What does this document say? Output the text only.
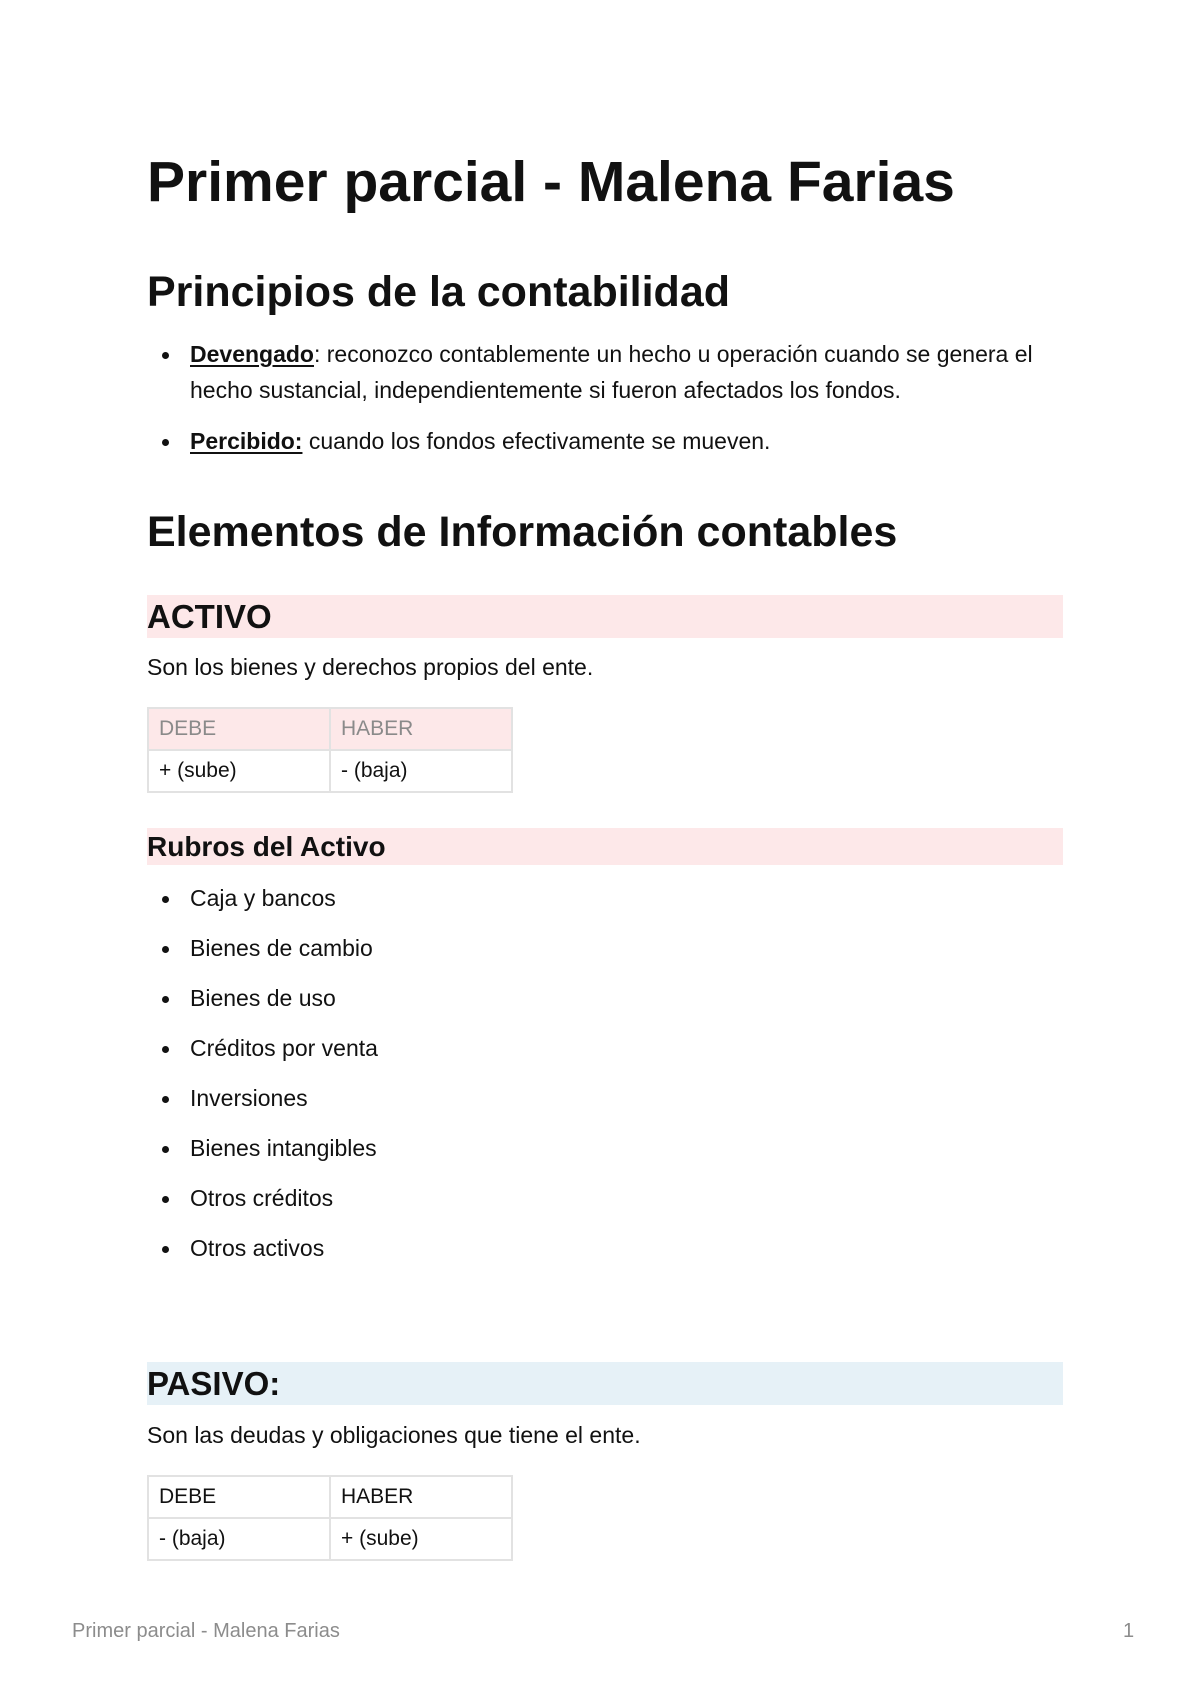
Primer parcial - Malena Farias
Principios de la contabilidad
Devengado: reconozco contablemente un hecho u operación cuando se genera el hecho sustancial, independientemente si fueron afectados los fondos.
Percibido: cuando los fondos efectivamente se mueven.
Elementos de Información contables
ACTIVO
Son los bienes y derechos propios del ente.
DEBE	HABER
+ (sube)	- (baja)
Rubros del Activo
Caja y bancos
Bienes de cambio
Bienes de uso
Créditos por venta
Inversiones
Bienes intangibles
Otros créditos
Otros activos
PASIVO:
Son las deudas y obligaciones que tiene el ente.
DEBE	HABER
- (baja)	+ (sube)
Primer parcial - Malena Farias	1
